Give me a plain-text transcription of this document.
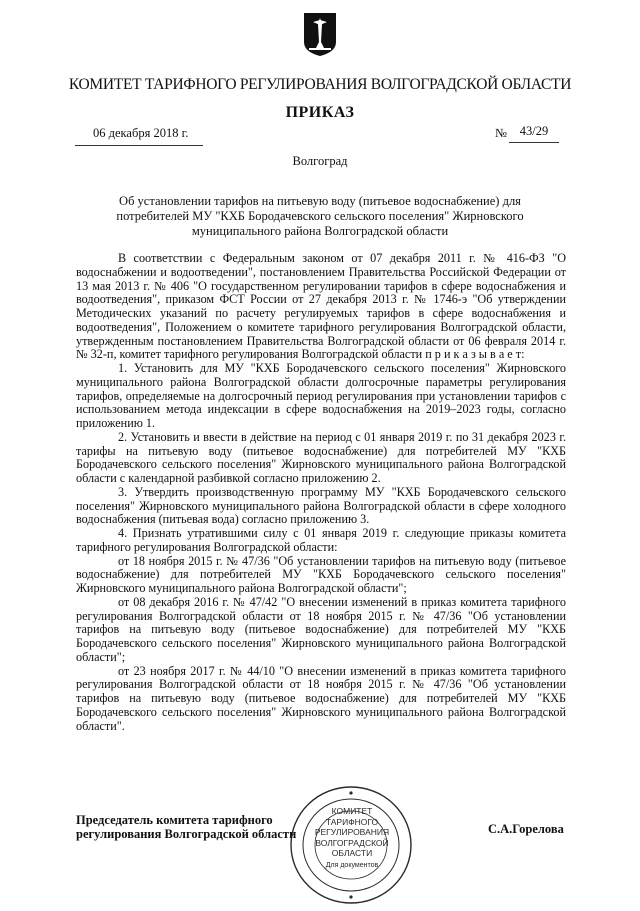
КОМИТЕТ ТАРИФНОГО РЕГУЛИРОВАНИЯ ВОЛГОГРАДСКОЙ ОБЛАСТИ
ПРИКАЗ
06 декабря 2018 г.	№	43/29
Волгоград
Об установлении тарифов на питьевую воду (питьевое водоснабжение) для потребителей МУ "КХБ Бородачевского сельского поселения" Жирновского муниципального района Волгоградской области

В соответствии с Федеральным законом от 07 декабря 2011 г. № 416-ФЗ "О водоснабжении и водоотведении", постановлением Правительства Российской Федерации от 13 мая 2013 г. № 406 "О государственном регулировании тарифов в сфере водоснабжения и водоотведения", приказом ФСТ России от 27 декабря 2013 г. № 1746-э "Об утверждении Методических указаний по расчету регулируемых тарифов в сфере водоснабжения и водоотведения", Положением о комитете тарифного регулирования Волгоградской области, утвержденным постановлением Правительства Волгоградской области от 06 февраля 2014 г. № 32-п, комитет тарифного регулирования Волгоградской области п р и к а з ы в а е т:

1. Установить для МУ "КХБ Бородачевского сельского поселения" Жирновского муниципального района Волгоградской области долгосрочные параметры регулирования тарифов, определяемые на долгосрочный период регулирования при установлении тарифов с использованием метода индексации в сфере водоснабжения на 2019–2023 годы, согласно приложению 1.

2. Установить и ввести в действие на период с 01 января 2019 г. по 31 декабря 2023 г. тарифы на питьевую воду (питьевое водоснабжение) для потребителей МУ "КХБ Бородачевского сельского поселения" Жирновского муниципального района Волгоградской области с календарной разбивкой согласно приложению 2.

3. Утвердить производственную программу МУ "КХБ Бородачевского сельского поселения" Жирновского муниципального района Волгоградской области в сфере холодного водоснабжения (питьевая вода) согласно приложению 3.

4. Признать утратившими силу с 01 января 2019 г. следующие приказы комитета тарифного регулирования Волгоградской области:

от 18 ноября 2015 г. № 47/36 "Об установлении тарифов на питьевую воду (питьевое водоснабжение) для потребителей МУ "КХБ Бородачевского сельского поселения" Жирновского муниципального района Волгоградской области";

от 08 декабря 2016 г. № 47/42 "О внесении изменений в приказ комитета тарифного регулирования Волгоградской области от 18 ноября 2015 г. № 47/36 "Об установлении тарифов на питьевую воду (питьевое водоснабжение) для потребителей МУ "КХБ Бородачевского сельского поселения" Жирновского муниципального района Волгоградской области";

от 23 ноября 2017 г. № 44/10 "О внесении изменений в приказ комитета тарифного регулирования Волгоградской области от 18 ноября 2015 г. № 47/36 "Об установлении тарифов на питьевую воду (питьевое водоснабжение) для потребителей МУ "КХБ Бородачевского сельского поселения" Жирновского муниципального района Волгоградской области".

КОМИТЕТ
ТАРИФНОГО
РЕГУЛИРОВАНИЯ
ВОЛГОГРАДСКОЙ
ОБЛАСТИ
Для документов
Председатель комитета тарифного
регулирования Волгоградской области	С.А.Горелова
